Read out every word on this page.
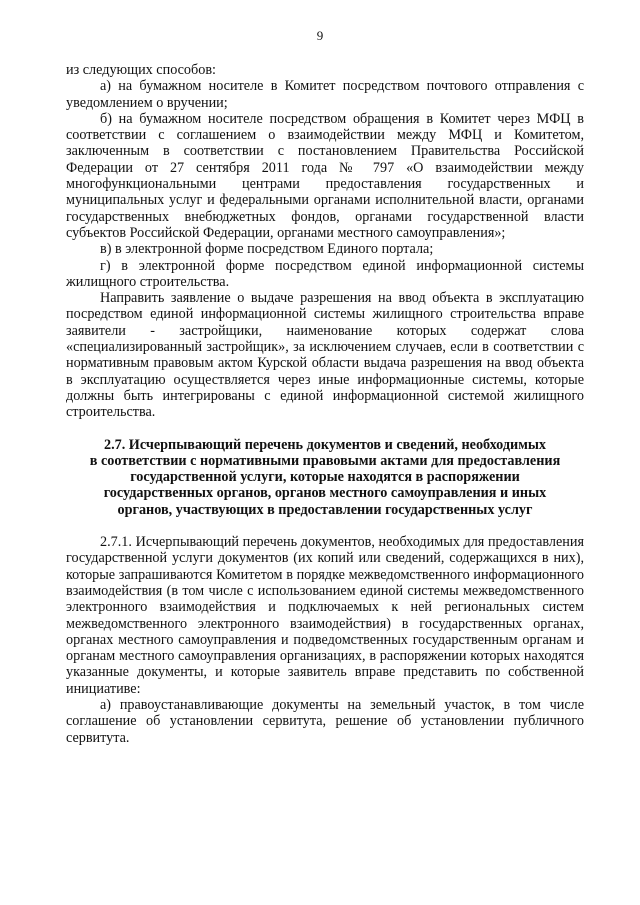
9

из следующих способов:

а) на бумажном носителе в Комитет посредством почтового отправления с уведомлением о вручении;

б) на бумажном носителе посредством обращения в Комитет через МФЦ в соответствии с соглашением о взаимодействии между МФЦ и Комитетом, заключенным в соответствии с постановлением Правительства Российской Федерации от 27 сентября 2011 года № 797 «О взаимодействии между многофункциональными центрами предоставления государственных и муниципальных услуг и федеральными органами исполнительной власти, органами государственных внебюджетных фондов, органами государственной власти субъектов Российской Федерации, органами местного самоуправления»;

в) в электронной форме посредством Единого портала;

г) в электронной форме посредством единой информационной системы жилищного строительства.

Направить заявление о выдаче разрешения на ввод объекта в эксплуатацию посредством единой информационной системы жилищного строительства вправе заявители - застройщики, наименование которых содержат слова «специализированный застройщик», за исключением случаев, если в соответствии с нормативным правовым актом Курской области выдача разрешения на ввод объекта в эксплуатацию осуществляется через иные информационные системы, которые должны быть интегрированы с единой информационной системой жилищного строительства.

2.7. Исчерпывающий перечень документов и сведений, необходимых
в соответствии с нормативными правовыми актами для предоставления
государственной услуги, которые находятся в распоряжении
государственных органов, органов местного самоуправления и иных
органов, участвующих в предоставлении государственных услуг

2.7.1. Исчерпывающий перечень документов, необходимых для предоставления государственной услуги документов (их копий или сведений, содержащихся в них), которые запрашиваются Комитетом в порядке межведомственного информационного взаимодействия (в том числе с использованием единой системы межведомственного электронного взаимодействия и подключаемых к ней региональных систем межведомственного электронного взаимодействия) в государственных органах, органах местного самоуправления и подведомственных государственным органам и органам местного самоуправления организациях, в распоряжении которых находятся указанные документы, и которые заявитель вправе представить по собственной инициативе:

а) правоустанавливающие документы на земельный участок, в том числе соглашение об установлении сервитута, решение об установлении публичного сервитута.
